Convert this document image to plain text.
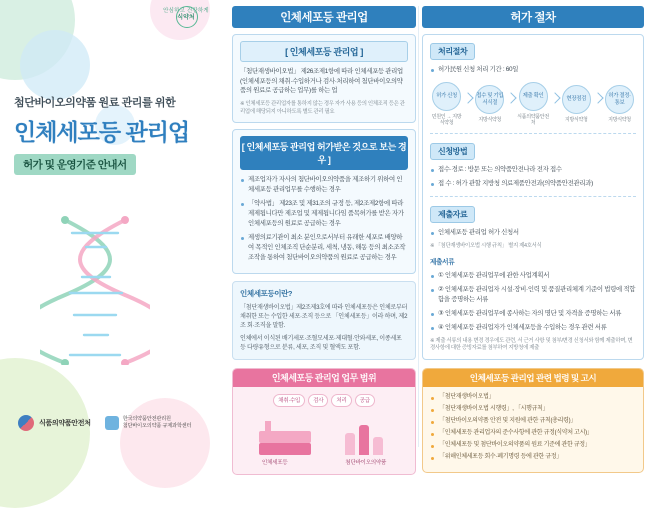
안심하고 건강하게
식약처
첨단바이오의약품 원료 관리를 위한
인체세포등 관리업
허가 및 운영기준 안내서
식품의약품안전처
한국의약품안전관리원
첨단바이오의약품 규제과학센터
인체세포등 관리업
[ 인체세포등 관리업 ]
「첨단재생바이오법」 제26조제1항에 따라 인체세포등 관리업(인체세포등의 채취·수입하거나 검사·처리하여 첨단바이오의약품의 원료로 공급하는 업무)를 하는 업
※ 인체세포등 관리업자를 통하지 않는 경우 자가 사용 등의 인체조직 등은 관리업에 해당되지 아니하도록 별도 관리 필요
[ 인체세포등 관리업 허가받은 것으로 보는 경우 ]
제조업자가 자사의 첨단바이오의약품을 제조하기 위하여 인체세포등 관리업무를 수행하는 경우
「약사법」 제23조 및 제31조의 규정 등, 제2조제2항에 따라 제제됩니다만 제조업 및 제제됩니다임 품목허가를 받은 자가 인체세포등의 원료로 공급하는 경우
제생의료기관이 최소 분인으로서부터 유래한 세포로 배양하여 목적인 인체조직 단순분리, 세척, 냉동, 해동 등의 최소조작 조작을 통하여 첨단바이오의약품의 원료로 공급하는 경우
인체세포등이란?
「첨단재생바이오법」제2조제3호에 따라 인체세포등은 인체로부터 채취한 또는 수입한 세포·조직 등으로 「인체세포등」이라 하며, 제2조 회·조직을 말함.
인체에서 이식된 배기세포·조혈모세포·제대혈·안와세포, 이종세포 등 다량유형으로 분류, 세포, 조직 및 혈액도 포함.
인체세포등 관리업 업무 범위
채취·수입	검사	처리	공급
인체세포등	첨단바이오의약품
허가 절차
처리절차
허가民원 신청 처리 기간 : 60일
허가 신청
민원인 → 지방식약청
접수 및 기입 서식절
지방식약청
제출 확인
식품의약품안전처
현장점검
지방식약청
허가 결정·통보
지방식약청
신청방법
접수·경로 : 방문 또는 의약품안전나라 전자 접수
접 수 : 허가 관할 지방청 의료제품안전과(의약품안전관리과)
제출자료
인체세포등 관리업 허가 신청서
※ 「첨단재생바이오법 시행 규칙」 별지 제4호서식
제출서류
① 인체세포등 관리업무에 관한 사업계획서
② 인체세포등 관리업자 시설·장비·인력 및 품질관리체계 기준이 법령에 적합함을 증명하는 서류
③ 인체세포등 관리업무에 종사하는 자의 명단 및 자격을 증명하는 서류
④ 인체세포등 관리업자가 인체세포등을 수입하는 경우 관련 서류
※ 제출 서류의 내용 변경 경우에도 관련, 서 근거 사항 및 첨부/변경 신청서와 함께 제출하며, 변경사항에 대한 증빙자료를 첨부하여 지방청에 제출
인체세포등 관리업 관련 법령 및 고시
「첨단재생바이오법」
「첨단재생바이오법 시행령」, 「시행규칙」
「첨단바이오의약품 안전 및 지원에 관한 규칙(총리령)」
「인체세포등 관리업자의 준수사항에 관한 규정(식약처 고시)」
「인체세포등 및 첨단바이오의약품의 원료 기준에 관한 규정」
「위해인체세포등 회수·폐기명령 등에 관한 규정」
